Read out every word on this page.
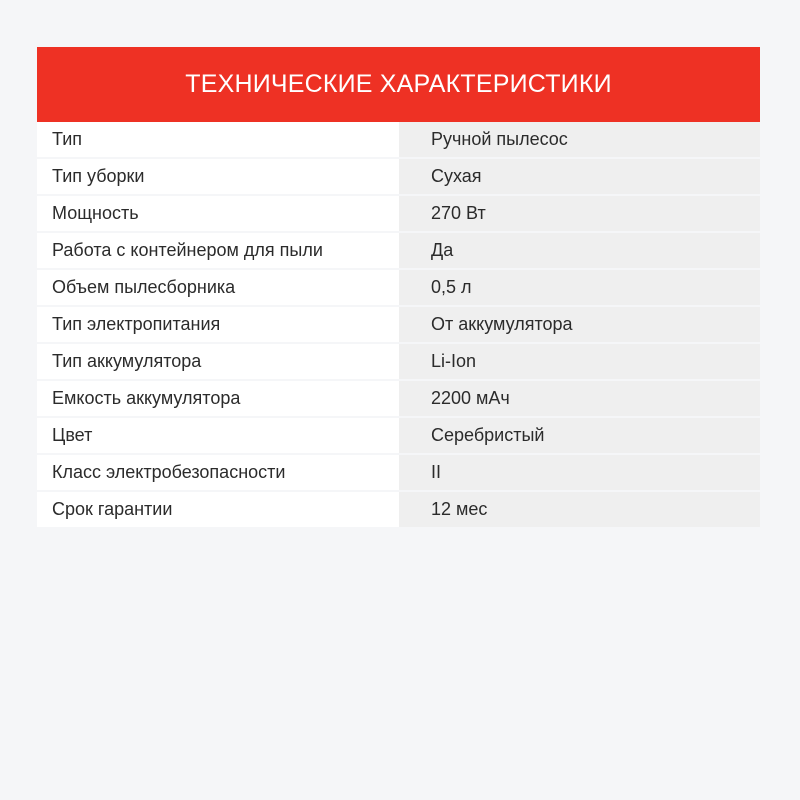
ТЕХНИЧЕСКИЕ ХАРАКТЕРИСТИКИ
Тип	Ручной пылесос
Тип уборки	Сухая
Мощность	270 Вт
Работа с контейнером для пыли	Да
Объем пылесборника	0,5 л
Тип электропитания	От аккумулятора
Тип аккумулятора	Li-Ion
Емкость аккумулятора	2200 мАч
Цвет	Серебристый
Класс электробезопасности	II
Срок гарантии	12 мес
